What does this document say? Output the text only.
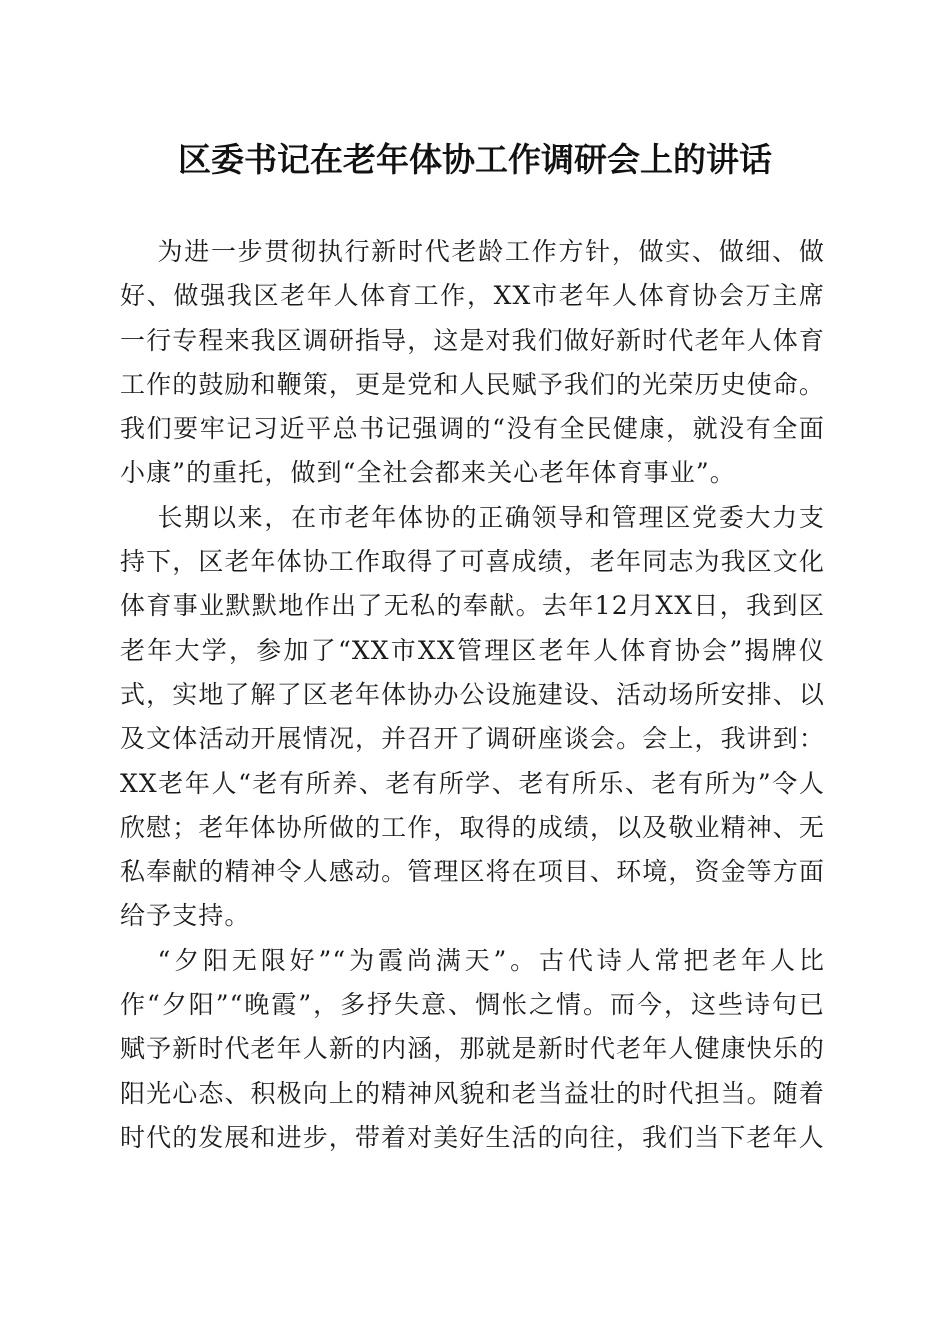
区委书记在老年体协工作调研会上的讲话

为进一步贯彻执行新时代老龄工作方针，做实、做细、做好、做强我区老年人体育工作，XX市老年人体育协会万主席一行专程来我区调研指导，这是对我们做好新时代老年人体育工作的鼓励和鞭策，更是党和人民赋予我们的光荣历史使命。我们要牢记习近平总书记强调的“没有全民健康，就没有全面小康”的重托，做到“全社会都来关心老年体育事业”。

长期以来，在市老年体协的正确领导和管理区党委大力支持下，区老年体协工作取得了可喜成绩，老年同志为我区文化体育事业默默地作出了无私的奉献。去年12月XX日，我到区老年大学，参加了“XX市XX管理区老年人体育协会”揭牌仪式，实地了解了区老年体协办公设施建设、活动场所安排、以及文体活动开展情况，并召开了调研座谈会。会上，我讲到：XX老年人“老有所养、老有所学、老有所乐、老有所为”令人欣慰；老年体协所做的工作，取得的成绩，以及敬业精神、无私奉献的精神令人感动。管理区将在项目、环境，资金等方面给予支持。

“夕阳无限好”“为霞尚满天”。古代诗人常把老年人比作“夕阳”“晚霞”，多抒失意、惆怅之情。而今，这些诗句已赋予新时代老年人新的内涵，那就是新时代老年人健康快乐的阳光心态、积极向上的精神风貌和老当益壮的时代担当。随着时代的发展和进步，带着对美好生活的向往，我们当下老年人
